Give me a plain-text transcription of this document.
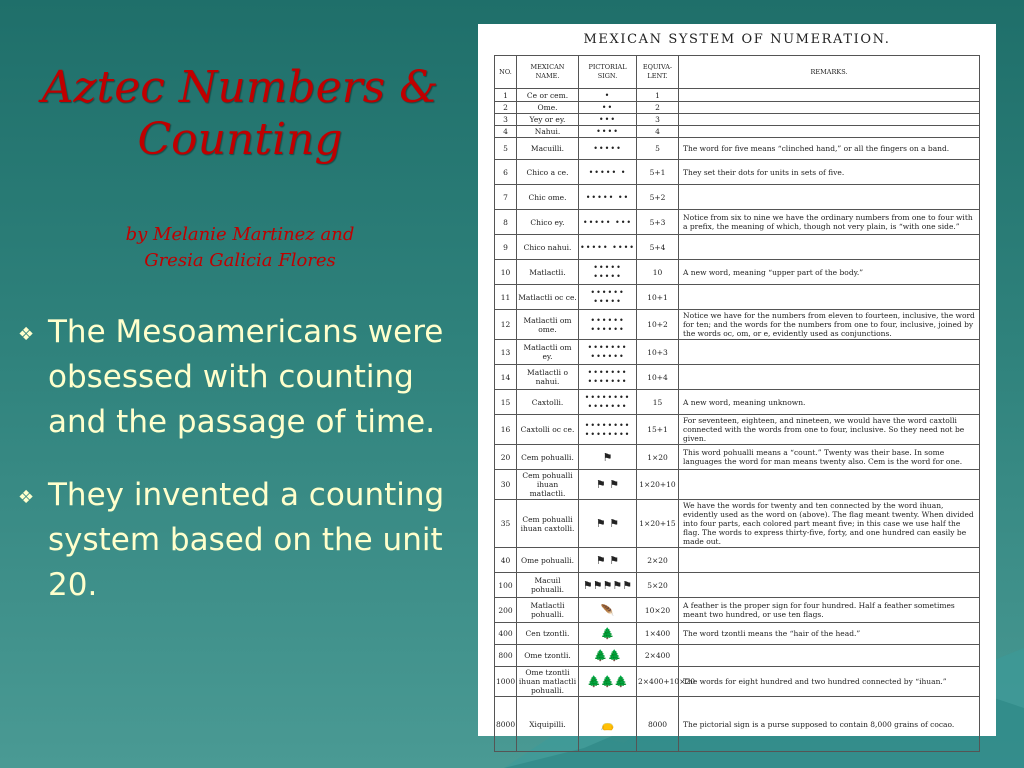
Aztec Numbers & Counting
by Melanie Martinez and
Gresia Galicia Flores
❖ The Mesoamericans were obsessed with counting and the passage of time.
❖ They invented a counting system based on the unit 20.
MEXICAN SYSTEM OF NUMERATION.
NO.	MEXICAN NAME.	PICTORIAL SIGN.	EQUIVA-LENT.	REMARKS.
1	Ce or cem.	•	1	
2	Ome.	••	2	
3	Yey or ey.	•••	3	
4	Nahui.	••••	4	
5	Macuilli.	•••••	5	The word for five means “clinched hand,” or all the fingers on a band.
6	Chico a ce.	••••• •	5+1	They set their dots for units in sets of five.
7	Chic ome.	••••• ••	5+2	
8	Chico ey.	••••• •••	5+3	Notice from six to nine we have the ordinary numbers from one to four with a prefix, the meaning of which, though not very plain, is “with one side.”
9	Chico nahui.	••••• ••••	5+4	
10	Matlactli.	••••• •••••	10	A new word, meaning “upper part of the body.”
11	Matlactli oc ce.	•••••• •••••	10+1	
12	Matlactli om ome.	•••••• ••••••	10+2	Notice we have for the numbers from eleven to fourteen, inclusive, the word for ten; and the words for the numbers from one to four, inclusive, joined by the words oc, om, or e, evidently used as conjunctions.
13	Matlactli om ey.	••••••• ••••••	10+3	
14	Matlactli o nahui.	••••••• •••••••	10+4	
15	Caxtolli.	•••••••• •••••••	15	A new word, meaning unknown.
16	Caxtolli oc ce.	•••••••• ••••••••	15+1	For seventeen, eighteen, and nineteen, we would have the word caxtolli connected with the words from one to four, inclusive. So they need not be given.
20	Cem pohualli.	⚑	1×20	This word pohualli means a “count.” Twenty was their base. In some languages the word for man means twenty also. Cem is the word for one.
30	Cem pohualli ihuan matlactli.	⚑ ⚑	1×20+10	
35	Cem pohualli ihuan caxtolli.	⚑ ⚑	1×20+15	We have the words for twenty and ten connected by the word ihuan, evidently used as the word on (above). The flag meant twenty. When divided into four parts, each colored part meant five; in this case we use half the flag. The words to express thirty-five, forty, and one hundred can easily be made out.
40	Ome pohualli.	⚑ ⚑	2×20	
100	Macuil pohualli.	⚑⚑⚑⚑⚑	5×20	
200	Matlactli pohualli.	🪶	10×20	A feather is the proper sign for four hundred. Half a feather sometimes meant two hundred, or use ten flags.
400	Cen tzontli.	🌲	1×400	The word tzontli means the “hair of the head.”
800	Ome tzontli.	🌲🌲	2×400	
1000	Ome tzontli ihuan matlactli pohualli.	🌲🌲🌲	2×400+10×20	The words for eight hundred and two hundred connected by “ihuan.”
8000	Xiquipilli.	👝	8000	The pictorial sign is a purse supposed to contain 8,000 grains of cocao.
